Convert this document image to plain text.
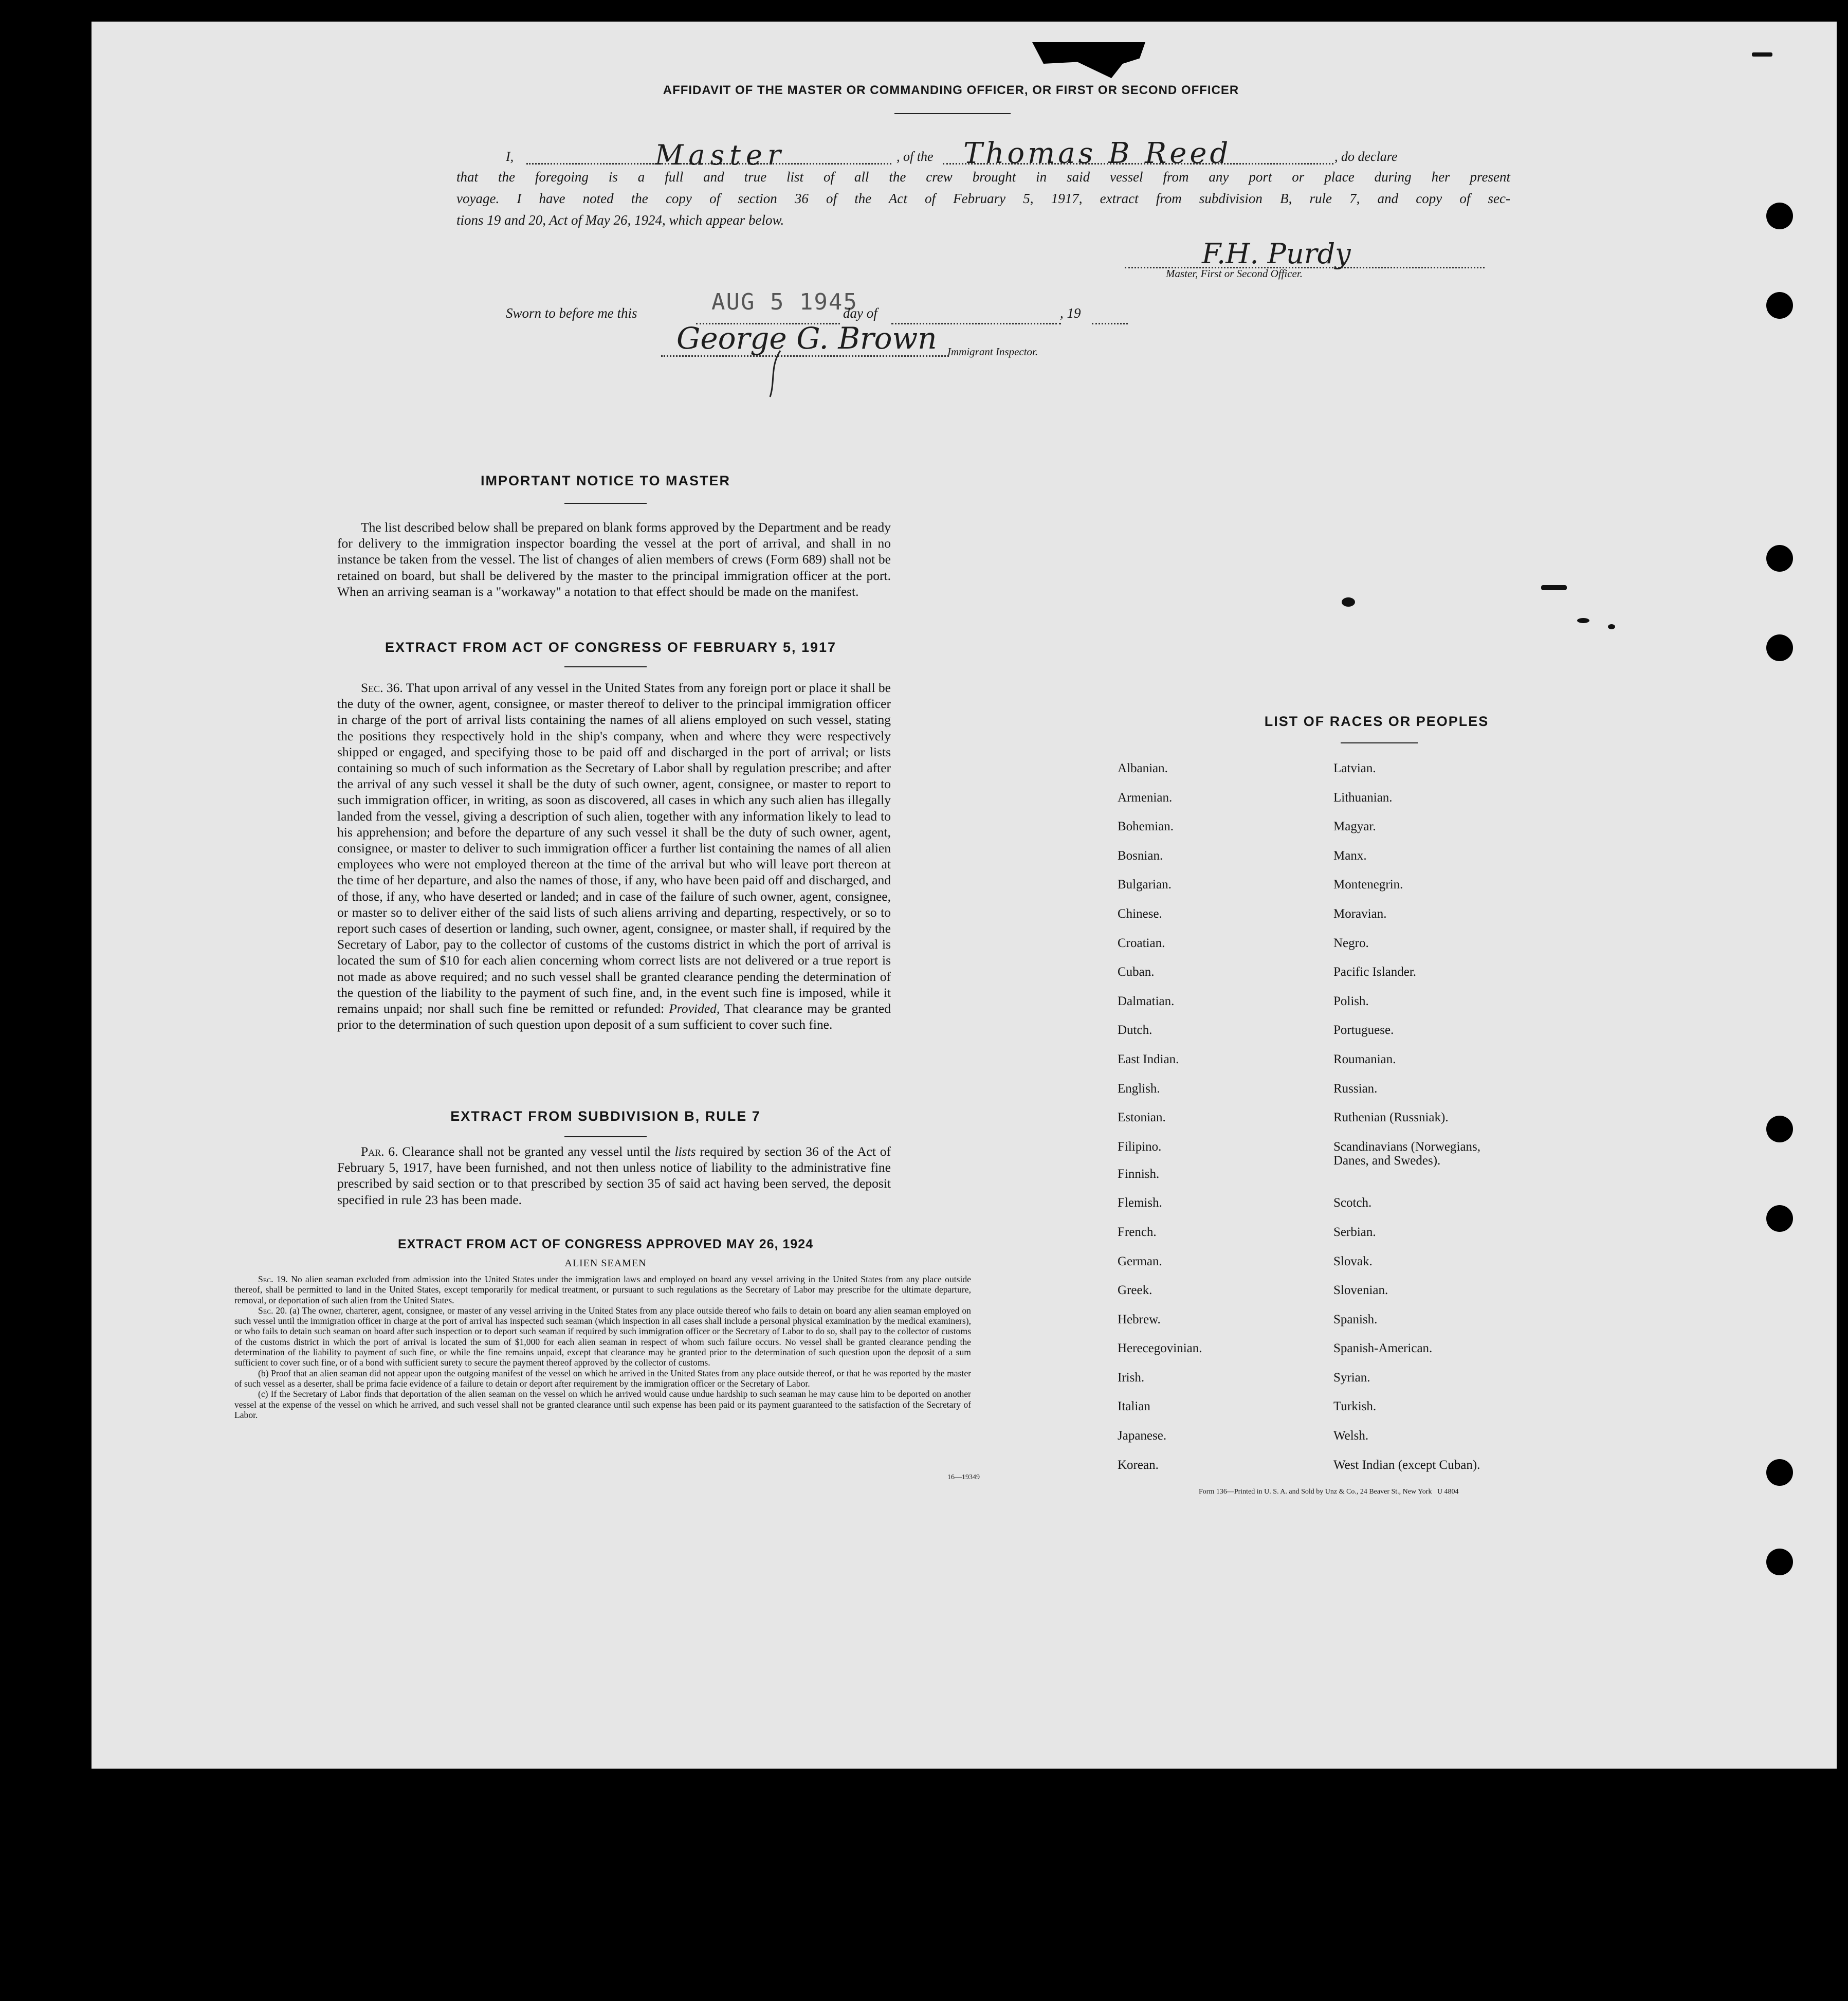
AFFIDAVIT OF THE MASTER OR COMMANDING OFFICER, OR FIRST OR SECOND OFFICER
I,	Master	, of the	Thomas B Reed	, do declare
that the foregoing is a full and true list of all the crew brought in said vessel from any port or place during her present
voyage. I have noted the copy of section 36 of the Act of February 5, 1917, extract from subdivision B, rule 7, and copy of sec-
tions 19 and 20, Act of May 26, 1924, which appear below.
F.H. Purdy
Master, First or Second Officer.
Sworn to before me this	AUG 5 1945
day of	, 19
George G. Brown Immigrant Inspector.
IMPORTANT NOTICE TO MASTER

The list described below shall be prepared on blank forms approved by the Department and be ready for delivery to the immigration inspector boarding the vessel at the port of arrival, and shall in no instance be taken from the vessel. The list of changes of alien members of crews (Form 689) shall not be retained on board, but shall be delivered by the master to the principal immigration officer at the port. When an arriving seaman is a "workaway" a notation to that effect should be made on the manifest.

EXTRACT FROM ACT OF CONGRESS OF FEBRUARY 5, 1917

Sec. 36. That upon arrival of any vessel in the United States from any foreign port or place it shall be the duty of the owner, agent, consignee, or master thereof to deliver to the principal immigration officer in charge of the port of arrival lists containing the names of all aliens employed on such vessel, stating the positions they respectively hold in the ship's company, when and where they were respectively shipped or engaged, and specifying those to be paid off and discharged in the port of arrival; or lists containing so much of such information as the Secretary of Labor shall by regulation prescribe; and after the arrival of any such vessel it shall be the duty of such owner, agent, consignee, or master to report to such immigration officer, in writing, as soon as discovered, all cases in which any such alien has illegally landed from the vessel, giving a description of such alien, together with any information likely to lead to his apprehension; and before the departure of any such vessel it shall be the duty of such owner, agent, consignee, or master to deliver to such immigration officer a further list containing the names of all alien employees who were not employed thereon at the time of the arrival but who will leave port thereon at the time of her departure, and also the names of those, if any, who have been paid off and discharged, and of those, if any, who have deserted or landed; and in case of the failure of such owner, agent, consignee, or master so to deliver either of the said lists of such aliens arriving and departing, respectively, or so to report such cases of desertion or landing, such owner, agent, consignee, or master shall, if required by the Secretary of Labor, pay to the collector of customs of the customs district in which the port of arrival is located the sum of $10 for each alien concerning whom correct lists are not delivered or a true report is not made as above required; and no such vessel shall be granted clearance pending the determination of the question of the liability to the payment of such fine, and, in the event such fine is imposed, while it remains unpaid; nor shall such fine be remitted or refunded: Provided, That clearance may be granted prior to the determination of such question upon deposit of a sum sufficient to cover such fine.

EXTRACT FROM SUBDIVISION B, RULE 7

Par. 6. Clearance shall not be granted any vessel until the lists required by section 36 of the Act of February 5, 1917, have been furnished, and not then unless notice of liability to the administrative fine prescribed by said section or to that prescribed by section 35 of said act having been served, the deposit specified in rule 23 has been made.

EXTRACT FROM ACT OF CONGRESS APPROVED MAY 26, 1924
ALIEN SEAMEN

Sec. 19. No alien seaman excluded from admission into the United States under the immigration laws and employed on board any vessel arriving in the United States from any place outside thereof, shall be permitted to land in the United States, except temporarily for medical treatment, or pursuant to such regulations as the Secretary of Labor may prescribe for the ultimate departure, removal, or deportation of such alien from the United States.

Sec. 20. (a) The owner, charterer, agent, consignee, or master of any vessel arriving in the United States from any place outside thereof who fails to detain on board any alien seaman employed on such vessel until the immigration officer in charge at the port of arrival has inspected such seaman (which inspection in all cases shall include a personal physical examination by the medical examiners), or who fails to detain such seaman on board after such inspection or to deport such seaman if required by such immigration officer or the Secretary of Labor to do so, shall pay to the collector of customs of the customs district in which the port of arrival is located the sum of $1,000 for each alien seaman in respect of whom such failure occurs. No vessel shall be granted clearance pending the determination of the liability to payment of such fine, or while the fine remains unpaid, except that clearance may be granted prior to the determination of such question upon the deposit of a sum sufficient to cover such fine, or of a bond with sufficient surety to secure the payment thereof approved by the collector of customs.

(b) Proof that an alien seaman did not appear upon the outgoing manifest of the vessel on which he arrived in the United States from any place outside thereof, or that he was reported by the master of such vessel as a deserter, shall be prima facie evidence of a failure to detain or deport after requirement by the immigration officer or the Secretary of Labor.

(c) If the Secretary of Labor finds that deportation of the alien seaman on the vessel on which he arrived would cause undue hardship to such seaman he may cause him to be deported on another vessel at the expense of the vessel on which he arrived, and such vessel shall not be granted clearance until such expense has been paid or its payment guaranteed to the satisfaction of the Secretary of Labor.

16—19349
LIST OF RACES OR PEOPLES
Albanian.
Armenian.
Bohemian.
Bosnian.
Bulgarian.
Chinese.
Croatian.
Cuban.
Dalmatian.
Dutch.
East Indian.
English.
Estonian.
Filipino.
Finnish.
Flemish.
French.
German.
Greek.
Hebrew.
Herecegovinian.
Irish.
Italian
Japanese.
Korean.
Latvian.
Lithuanian.
Magyar.
Manx.
Montenegrin.
Moravian.
Negro.
Pacific Islander.
Polish.
Portuguese.
Roumanian.
Russian.
Ruthenian (Russniak).
Scandinavians (Norwegians,
Danes, and Swedes).
Scotch.
Serbian.
Slovak.
Slovenian.
Spanish.
Spanish-American.
Syrian.
Turkish.
Welsh.
West Indian (except Cuban).
Form 136—Printed in U. S. A. and Sold by Unz & Co., 24 Beaver St., New York   U 4804
